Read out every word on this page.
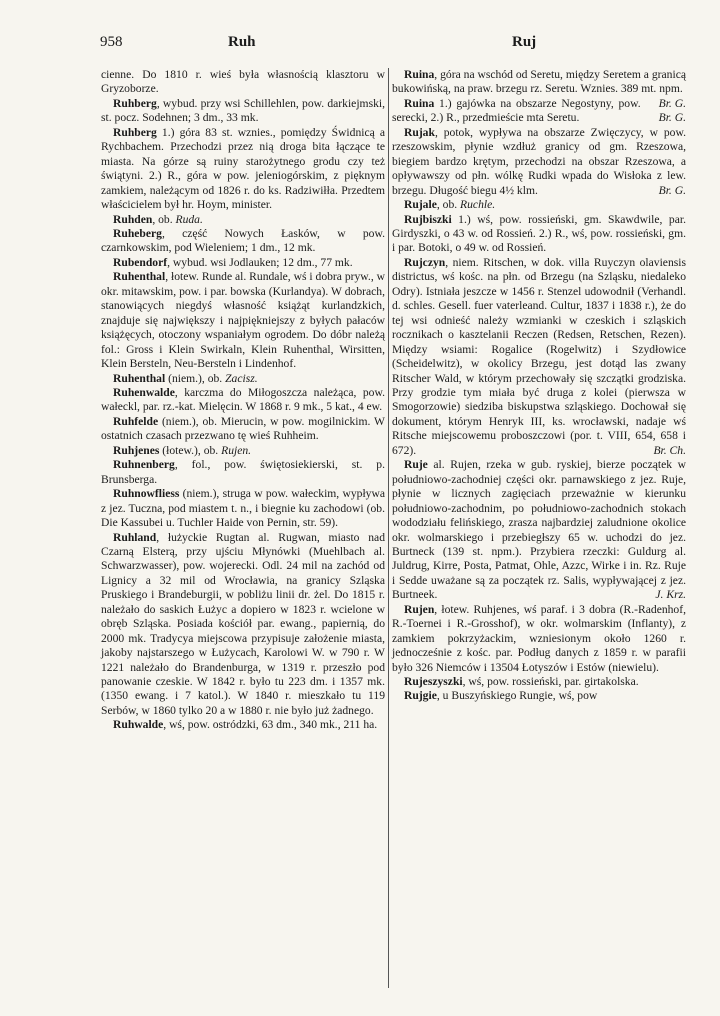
958	Ruh	Ruj

cienne. Do 1810 r. wieś była własnością klasztoru w Gryzoborze.

Ruhberg, wybud. przy wsi Schillehlen, pow. darkiejmski, st. pocz. Sodehnen; 3 dm., 33 mk.

Ruhberg 1.) góra 83 st. wznies., pomiędzy Świdnicą a Rychbachem. Przechodzi przez nią droga bita łączące te miasta. Na górze są ruiny starożytnego grodu czy też świątyni. 2.) R., góra w pow. jeleniogórskim, z pięknym zamkiem, należącym od 1826 r. do ks. Radziwiłła. Przedtem właścicielem był hr. Hoym, minister.

Ruhden, ob. Ruda.

Ruheberg, część Nowych Łasków, w pow. czarnkowskim, pod Wieleniem; 1 dm., 12 mk.

Rubendorf, wybud. wsi Jodlauken; 12 dm., 77 mk.

Ruhenthal, łotew. Runde al. Rundale, wś i dobra pryw., w okr. mitawskim, pow. i par. bowska (Kurlandya). W dobrach, stanowiących niegdyś własność książąt kurlandzkich, znajduje się największy i najpiękniejszy z byłych pałaców książęcych, otoczony wspaniałym ogrodem. Do dóbr należą fol.: Gross i Klein Swirkaln, Klein Ruhenthal, Wirsitten, Klein Bersteln, Neu-Bersteln i Lindenhof.

Ruhenthal (niem.), ob. Zacisz.

Ruhenwalde, karczma do Miłogoszcza należąca, pow. wałeckl, par. rz.-kat. Mielęcin. W 1868 r. 9 mk., 5 kat., 4 ew.

Ruhfelde (niem.), ob. Mierucin, w pow. mogilnickim. W ostatnich czasach przezwano tę wieś Ruhheim.

Ruhjenes (łotew.), ob. Rujen.

Ruhnenberg, fol., pow. świętosiekierski, st. p. Brunsberga.

Ruhnowfliess (niem.), struga w pow. wałeckim, wypływa z jez. Tuczna, pod miastem t. n., i biegnie ku zachodowi (ob. Die Kassubei u. Tuchler Haide von Pernin, str. 59).

Ruhland, łużyckie Rugtan al. Rugwan, miasto nad Czarną Elsterą, przy ujściu Młynówki (Muehlbach al. Schwarzwasser), pow. wojerecki. Odl. 24 mil na zachód od Lignicy a 32 mil od Wrocławia, na granicy Szląska Pruskiego i Brandeburgii, w pobliżu linii dr. żel. Do 1815 r. należało do saskich Łużyc a dopiero w 1823 r. wcielone w obręb Szląska. Posiada kościół par. ewang., papiernią, do 2000 mk. Tradycya miejscowa przypisuje założenie miasta, jakoby najstarszego w Łużycach, Karolowi W. w 790 r. W 1221 należało do Brandenburga, w 1319 r. przeszło pod panowanie czeskie. W 1842 r. było tu 223 dm. i 1357 mk. (1350 ewang. i 7 katol.). W 1840 r. mieszkało tu 119 Serbów, w 1860 tylko 20 a w 1880 r. nie było już żadnego.

Ruhwalde, wś, pow. ostródzki, 63 dm., 340 mk., 211 ha.

Ruina, góra na wschód od Seretu, między Seretem a granicą bukowińską, na praw. brzegu rz. Seretu. Wznies. 389 mt. npm.
Br. G.

Ruina 1.) gajówka na obszarze Negostyny, pow. serecki, 2.) R., przedmieście mta Seretu.	Br. G.

Rujak, potok, wypływa na obszarze Zwięczycy, w pow. rzeszowskim, płynie wzdłuż granicy od gm. Rzeszowa, biegiem bardzo krętym, przechodzi na obszar Rzeszowa, a opływawszy od płn. wólkę Rudki wpada do Wisłoka z lew. brzegu. Długość biegu 4½ klm.	Br. G.

Rujale, ob. Ruchle.

Rujbiszki 1.) wś, pow. rossieński, gm. Skawdwile, par. Girdyszki, o 43 w. od Rossień. 2.) R., wś, pow. rossieński, gm. i par. Botoki, o 49 w. od Rossień.

Rujczyn, niem. Ritschen, w dok. villa Ruyczyn olaviensis districtus, wś kośc. na płn. od Brzegu (na Szląsku, niedaleko Odry). Istniała jeszcze w 1456 r. Stenzel udowodnił (Verhandl. d. schles. Gesell. fuer vaterleand. Cultur, 1837 i 1838 r.), że do tej wsi odnieść należy wzmianki w czeskich i szląskich rocznikach o kasztelanii Reczen (Redsen, Retschen, Rezen). Między wsiami: Rogalice (Rogelwitz) i Szydłowice (Scheidelwitz), w okolicy Brzegu, jest dotąd las zwany Ritscher Wald, w którym przechowały się szczątki grodziska. Przy grodzie tym miała być druga z kolei (pierwsza w Smogorzowie) siedziba biskupstwa szląskiego. Dochował się dokument, którym Henryk III, ks. wrocławski, nadaje wś Ritsche miejscowemu proboszczowi (por. t. VIII, 654, 658 i 672).	Br. Ch.

Ruje al. Rujen, rzeka w gub. ryskiej, bierze początek w południowo-zachodniej części okr. parnawskiego z jez. Ruje, płynie w licznych zagięciach przeważnie w kierunku południowo-zachodnim, po południowo-zachodnich stokach wododziału felińskiego, zrasza najbardziej zaludnione okolice okr. wolmarskiego i przebiegłszy 65 w. uchodzi do jez. Burtneck (139 st. npm.). Przybiera rzeczki: Guldurg al. Juldrug, Kirre, Posta, Patmat, Ohle, Azzc, Wirke i in. Rz. Ruje i Sedde uważane są za początek rz. Salis, wypływającej z jez. Burtneek.	J. Krz.

Rujen, łotew. Ruhjenes, wś paraf. i 3 dobra (R.-Radenhof, R.-Toernei i R.-Grosshof), w okr. wolmarskim (Inflanty), z zamkiem pokrzyżackim, wzniesionym około 1260 r. jednocześnie z kośc. par. Podług danych z 1859 r. w parafii było 326 Niemców i 13504 Łotyszów i Estów (niewielu).

Rujeszyszki, wś, pow. rossieński, par. girtakolska.

Rujgie, u Buszyńskiego Rungie, wś, pow
